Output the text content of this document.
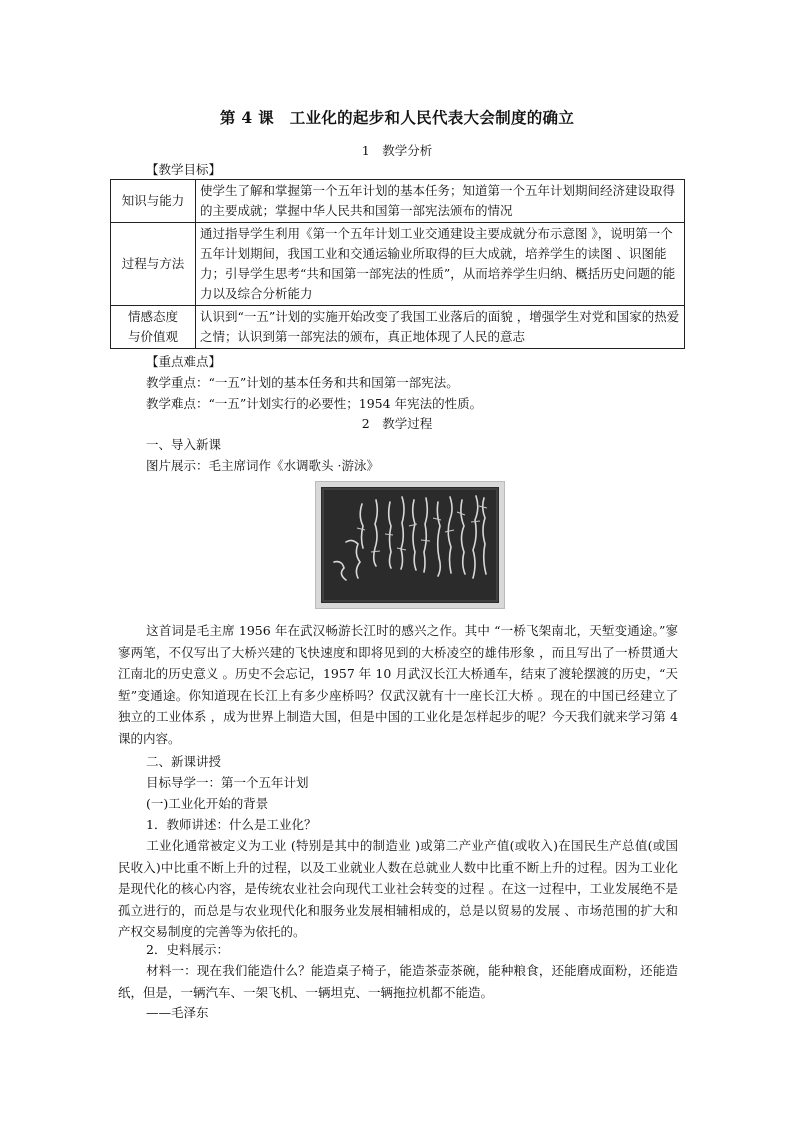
第 4 课　工业化的起步和人民代表大会制度的确立
1　教学分析
【教学目标】
知识与能力	使学生了解和掌握第一个五年计划的基本任务；知道第一个五年计划期间经济建设取得的主要成就；掌握中华人民共和国第一部宪法颁布的情况
过程与方法	通过指导学生利用《第一个五年计划工业交通建设主要成就分布示意图 》，说明第一个五年计划期间，我国工业和交通运输业所取得的巨大成就，培养学生的读图 、识图能力；引导学生思考“共和国第一部宪法的性质”，从而培养学生归纳、概括历史问题的能力以及综合分析能力

情感态度
与价值观	认识到“一五”计划的实施开始改变了我国工业落后的面貌 ，增强学生对党和国家的热爱之情；认识到第一部宪法的颁布，真正地体现了人民的意志
【重点难点】
教学重点：“一五”计划的基本任务和共和国第一部宪法。
教学难点：“一五”计划实行的必要性；1954 年宪法的性质。
2　教学过程
一、导入新课
图片展示：毛主席词作《水调歌头 ·游泳》
这首词是毛主席 1956 年在武汉畅游长江时的感兴之作。其中 “一桥飞架南北，天堑变通途。”寥寥两笔，不仅写出了大桥兴建的飞快速度和即将见到的大桥凌空的雄伟形象 ，而且写出了一桥贯通大江南北的历史意义 。历史不会忘记，1957 年 10 月武汉长江大桥通车，结束了渡轮摆渡的历史，“天堑”变通途。你知道现在长江上有多少座桥吗？仅武汉就有十一座长江大桥 。现在的中国已经建立了独立的工业体系 ，成为世界上制造大国，但是中国的工业化是怎样起步的呢？今天我们就来学习第 4 课的内容。
二、新课讲授
目标导学一：第一个五年计划
(一)工业化开始的背景
1．教师讲述：什么是工业化？
工业化通常被定义为工业 (特别是其中的制造业 )或第二产业产值(或收入)在国民生产总值(或国民收入)中比重不断上升的过程，以及工业就业人数在总就业人数中比重不断上升的过程。因为工业化是现代化的核心内容，是传统农业社会向现代工业社会转变的过程 。在这一过程中，工业发展绝不是孤立进行的，而总是与农业现代化和服务业发展相辅相成的，总是以贸易的发展 、市场范围的扩大和产权交易制度的完善等为依托的。
2．史料展示：
材料一：现在我们能造什么？能造桌子椅子，能造茶壶茶碗，能种粮食，还能磨成面粉，还能造纸，但是，一辆汽车、一架飞机、一辆坦克、一辆拖拉机都不能造。
——毛泽东
